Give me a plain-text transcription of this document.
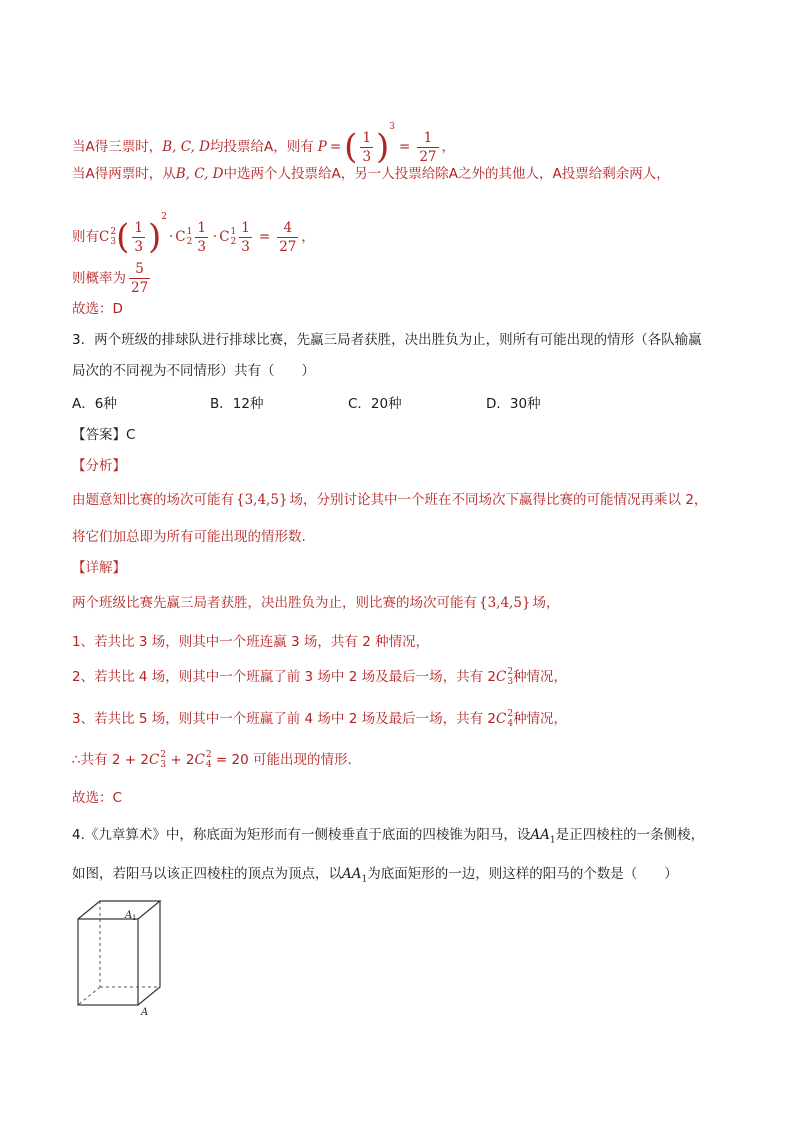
当A得三票时，B, C, D均投票给A，则有 P =( $\frac{1}{3} )^3= \frac{1}{27}$ ，
当A得两票时，从B, C, D中选两个人投票给A，另一人投票给除A之外的其他人，A投票给剩余两人，
则有C2
$3( \frac{1}{3} )^2\cdot C1$
$2 \frac{1}{3} \cdot C1$
$2 \frac{1}{3} = \frac{4}{27}$ ，
则概率为 $\frac{5}{27}$
故选：D
3．两个班级的排球队进行排球比赛，先赢三局者获胜，决出胜负为止，则所有可能出现的情形（各队输赢
局次的不同视为不同情形）共有（　　）
A．6种	B．12种	C．20种	D．30种
【答案】C
【分析】
由题意知比赛的场次可能有 {3,4,5} 场，分别讨论其中一个班在不同场次下赢得比赛的可能情况再乘以 2，
将它们加总即为所有可能出现的情形数.
【详解】
两个班级比赛先赢三局者获胜，决出胜负为止，则比赛的场次可能有 {3,4,5} 场，
1、若共比 3 场，则其中一个班连赢 3 场，共有 2 种情况，
2、若共比 4 场，则其中一个班赢了前 3 场中 2 场及最后一场，共有 2C2
3种情况，
3、若共比 5 场，则其中一个班赢了前 4 场中 2 场及最后一场，共有 2C2
4种情况，
∴共有 2 + 2C2
3 + 2C2
4 = 20 可能出现的情形.
故选：C
4.《九章算术》中，称底面为矩形而有一侧棱垂直于底面的四棱锥为阳马，设$AA_1$是正四棱柱的一条侧棱，
如图，若阳马以该正四棱柱的顶点为顶点，以$AA_1$为底面矩形的一边，则这样的阳马的个数是（　　）
A 1
A
